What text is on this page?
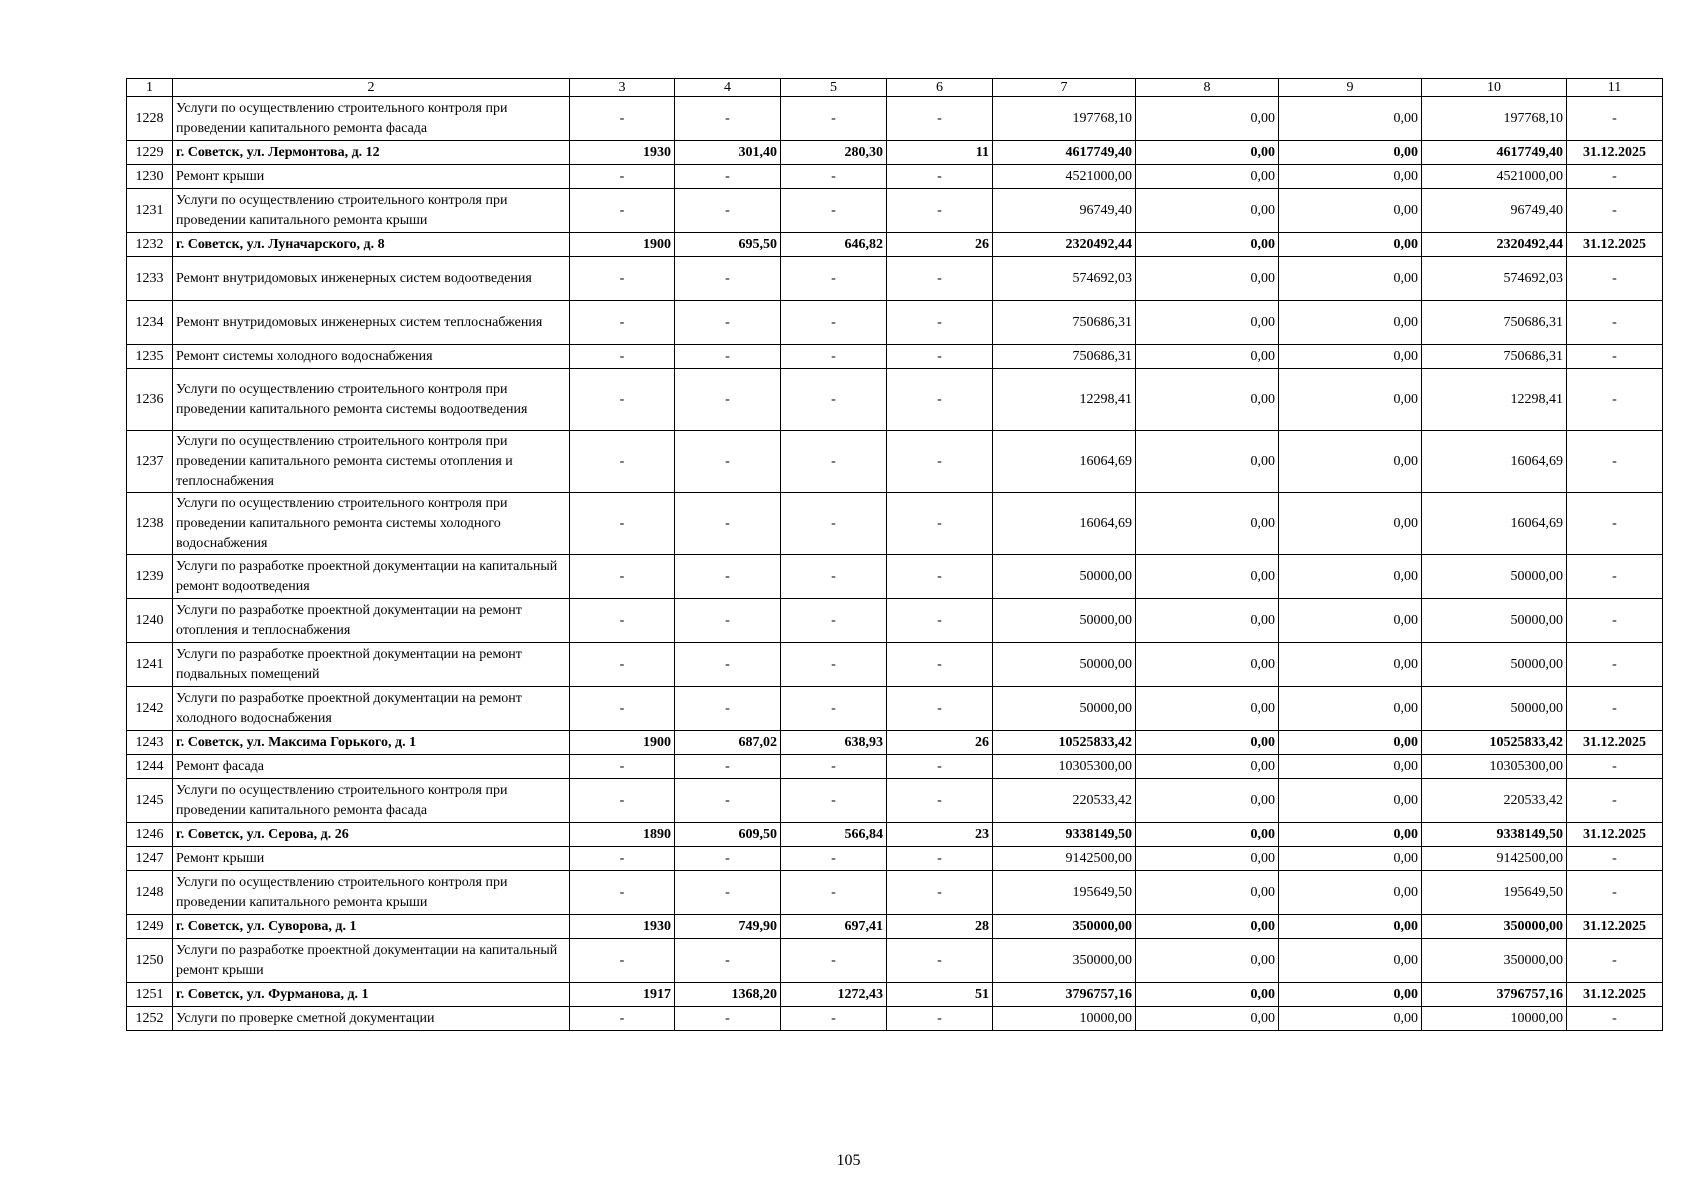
1	2	3	4	5	6	7	8	9	10	11
1228	Услуги по осуществлению строительного контроля при проведении капитального ремонта фасада	-	-	-	-	197768,10	0,00	0,00	197768,10	-
1229	г. Советск, ул. Лермонтова, д. 12	1930	301,40	280,30	11	4617749,40	0,00	0,00	4617749,40	31.12.2025
1230	Ремонт крыши	-	-	-	-	4521000,00	0,00	0,00	4521000,00	-
1231	Услуги по осуществлению строительного контроля при проведении капитального ремонта крыши	-	-	-	-	96749,40	0,00	0,00	96749,40	-
1232	г. Советск, ул. Луначарского, д. 8	1900	695,50	646,82	26	2320492,44	0,00	0,00	2320492,44	31.12.2025
1233	Ремонт внутридомовых инженерных систем водоотведения	-	-	-	-	574692,03	0,00	0,00	574692,03	-
1234	Ремонт внутридомовых инженерных систем теплоснабжения	-	-	-	-	750686,31	0,00	0,00	750686,31	-
1235	Ремонт системы холодного водоснабжения	-	-	-	-	750686,31	0,00	0,00	750686,31	-
1236	Услуги по осуществлению строительного контроля при проведении капитального ремонта системы водоотведения	-	-	-	-	12298,41	0,00	0,00	12298,41	-
1237	Услуги по осуществлению строительного контроля при проведении капитального ремонта системы отопления и теплоснабжения	-	-	-	-	16064,69	0,00	0,00	16064,69	-
1238	Услуги по осуществлению строительного контроля при проведении капитального ремонта системы холодного водоснабжения	-	-	-	-	16064,69	0,00	0,00	16064,69	-
1239	Услуги по разработке проектной документации на капитальный ремонт водоотведения	-	-	-	-	50000,00	0,00	0,00	50000,00	-
1240	Услуги по разработке проектной документации на ремонт отопления и теплоснабжения	-	-	-	-	50000,00	0,00	0,00	50000,00	-
1241	Услуги по разработке проектной документации на ремонт подвальных помещений	-	-	-	-	50000,00	0,00	0,00	50000,00	-
1242	Услуги по разработке проектной документации на ремонт холодного водоснабжения	-	-	-	-	50000,00	0,00	0,00	50000,00	-
1243	г. Советск, ул. Максима Горького, д. 1	1900	687,02	638,93	26	10525833,42	0,00	0,00	10525833,42	31.12.2025
1244	Ремонт фасада	-	-	-	-	10305300,00	0,00	0,00	10305300,00	-
1245	Услуги по осуществлению строительного контроля при проведении капитального ремонта фасада	-	-	-	-	220533,42	0,00	0,00	220533,42	-
1246	г. Советск, ул. Серова, д. 26	1890	609,50	566,84	23	9338149,50	0,00	0,00	9338149,50	31.12.2025
1247	Ремонт крыши	-	-	-	-	9142500,00	0,00	0,00	9142500,00	-
1248	Услуги по осуществлению строительного контроля при проведении капитального ремонта крыши	-	-	-	-	195649,50	0,00	0,00	195649,50	-
1249	г. Советск, ул. Суворова, д. 1	1930	749,90	697,41	28	350000,00	0,00	0,00	350000,00	31.12.2025
1250	Услуги по разработке проектной документации на капитальный ремонт крыши	-	-	-	-	350000,00	0,00	0,00	350000,00	-
1251	г. Советск, ул. Фурманова, д. 1	1917	1368,20	1272,43	51	3796757,16	0,00	0,00	3796757,16	31.12.2025
1252	Услуги по проверке сметной документации	-	-	-	-	10000,00	0,00	0,00	10000,00	-
105
